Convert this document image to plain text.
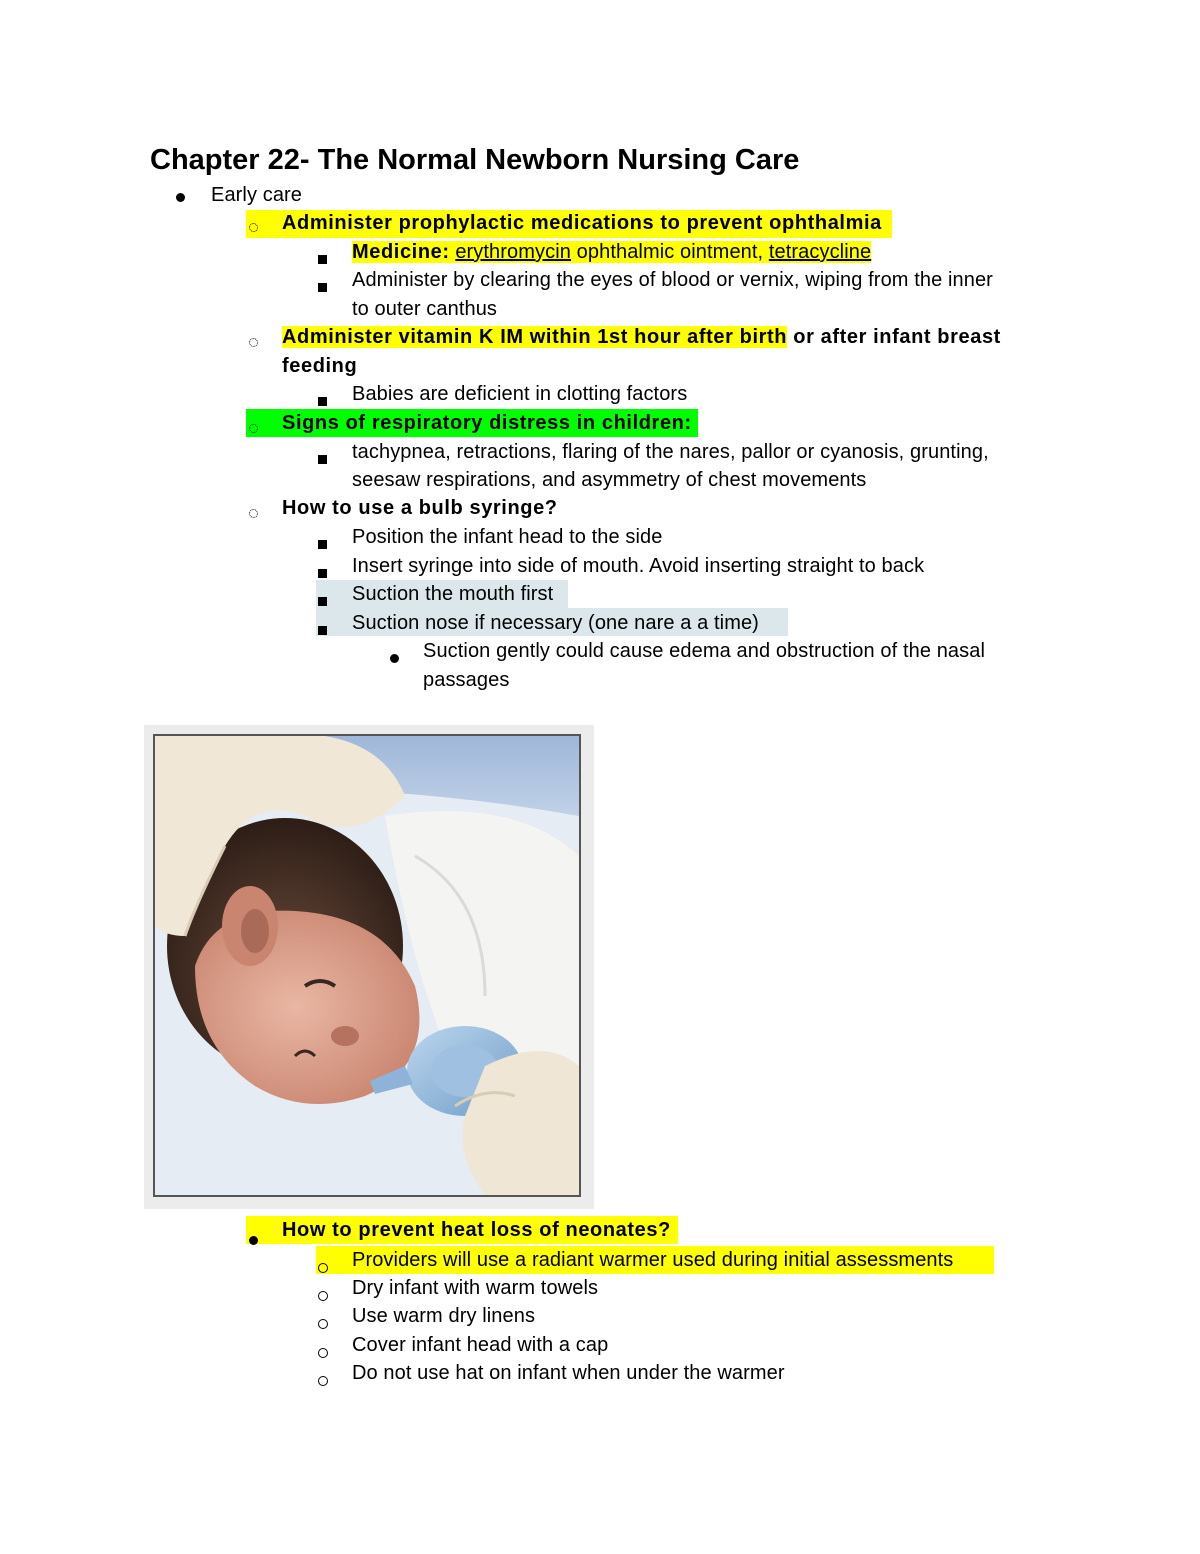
Chapter 22- The Normal Newborn Nursing Care
Early care
Administer prophylactic medications to prevent ophthalmia
Medicine: erythromycin ophthalmic ointment, tetracycline
Administer by clearing the eyes of blood or vernix, wiping from the inner
to outer canthus
Administer vitamin K IM within 1st hour after birth or after infant breast
feeding
Babies are deficient in clotting factors
Signs of respiratory distress in children:
tachypnea, retractions, flaring of the nares, pallor or cyanosis, grunting,
seesaw respirations, and asymmetry of chest movements
How to use a bulb syringe?
Position the infant head to the side
Insert syringe into side of mouth. Avoid inserting straight to back
Suction the mouth first
Suction nose if necessary (one nare a a time)
Suction gently could cause edema and obstruction of the nasal
passages
How to prevent heat loss of neonates?
Providers will use a radiant warmer used during initial assessments
Dry infant with warm towels
Use warm dry linens
Cover infant head with a cap
Do not use hat on infant when under the warmer
